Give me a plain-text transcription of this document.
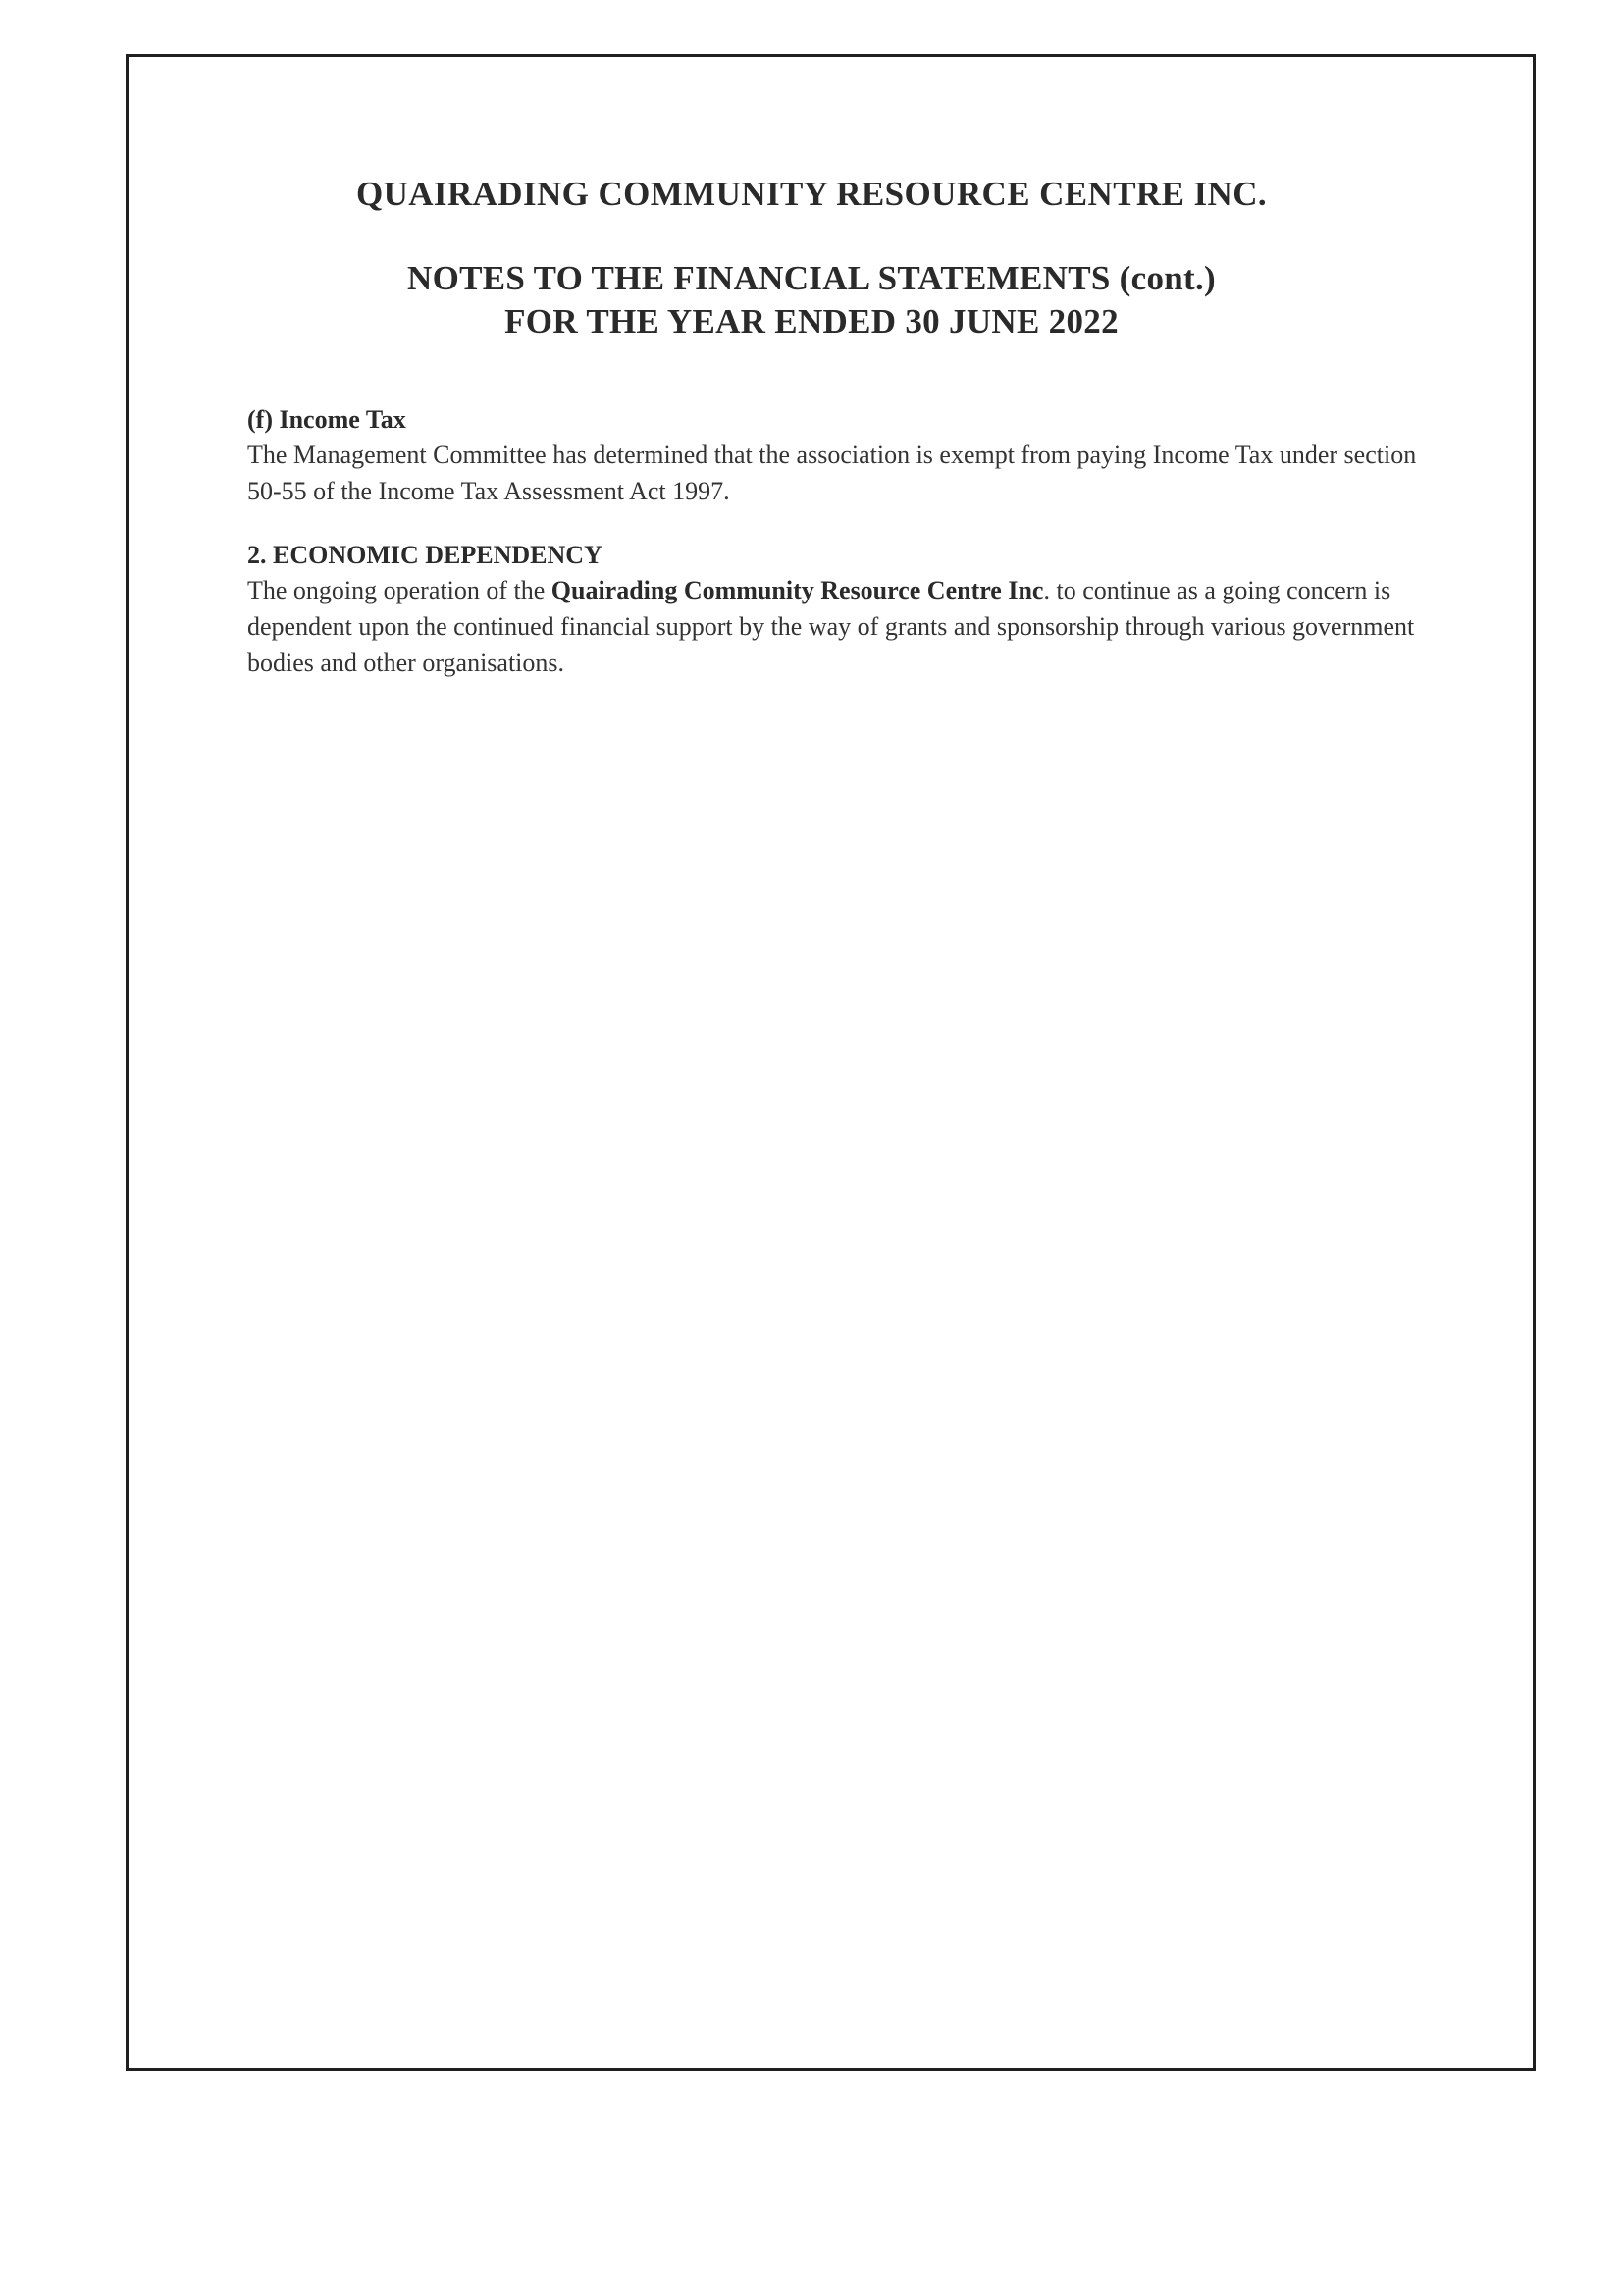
QUAIRADING COMMUNITY RESOURCE CENTRE INC.
NOTES TO THE FINANCIAL STATEMENTS (cont.)
FOR THE YEAR ENDED 30 JUNE 2022

(f) Income Tax

The Management Committee has determined that the association is exempt from paying Income Tax under section 50-55 of the Income Tax Assessment Act 1997.

2. ECONOMIC DEPENDENCY

The ongoing operation of the Quairading Community Resource Centre Inc. to continue as a going concern is dependent upon the continued financial support by the way of grants and sponsorship through various government bodies and other organisations.
